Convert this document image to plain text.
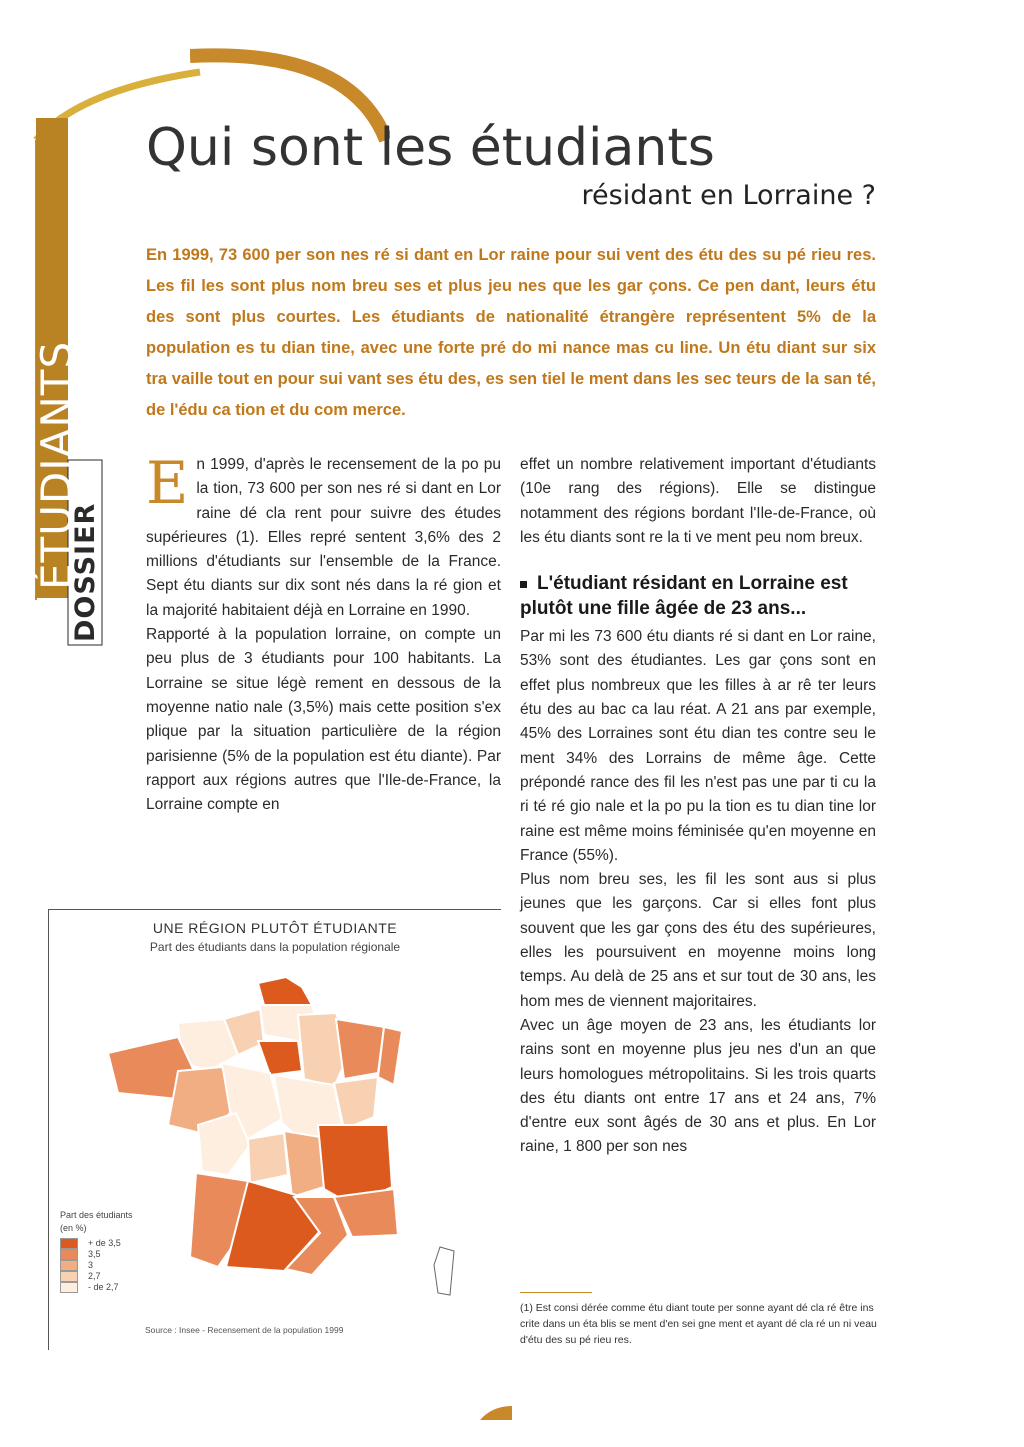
ÉTUDIANTS
DOSSIER
Qui sont les étudiants
résidant en Lorraine ?
En 1999, 73 600 per son nes ré si dant en Lor raine pour sui vent des étu des su pé rieu res. Les fil les sont plus nom breu ses et plus jeu nes que les gar çons. Ce pen dant, leurs étu des sont plus courtes. Les étudiants de nationalité étrangère représentent 5% de la population es tu dian tine, avec une forte pré do mi nance mas cu line. Un étu diant sur six tra vaille tout en pour sui vant ses étu des, es sen tiel le ment dans les sec teurs de la san té, de l'édu ca tion et du com merce.

En 1999, d'après le recensement de la po pu la tion, 73 600 per son nes ré si dant en Lor raine dé cla rent pour suivre des études supérieures (1). Elles repré sentent 3,6% des 2 millions d'étudiants sur l'ensemble de la France. Sept étu diants sur dix sont nés dans la ré gion et la majorité habitaient déjà en Lorraine en 1990.

Rapporté à la population lorraine, on compte un peu plus de 3 étudiants pour 100 habitants. La Lorraine se situe légè rement en dessous de la moyenne natio nale (3,5%) mais cette position s'ex plique par la situation particulière de la région parisienne (5% de la population est étu diante). Par rapport aux régions autres que l'Ile-de-France, la Lorraine compte en

effet un nombre relativement important d'étudiants (10e rang des régions). Elle se distingue notamment des régions bordant l'Ile-de-France, où les étu diants sont re la ti ve ment peu nom breux.

L'étudiant résidant en Lorraine est plutôt une fille âgée de 23 ans...

Par mi les 73 600 étu diants ré si dant en Lor raine, 53% sont des étudiantes. Les gar çons sont en effet plus nombreux que les filles à ar rê ter leurs étu des au bac ca lau réat. A 21 ans par exemple, 45% des Lorraines sont étu dian tes contre seu le ment 34% des Lorrains de même âge. Cette prépondé rance des fil les n'est pas une par ti cu la ri té ré gio nale et la po pu la tion es tu dian tine lor raine est même moins féminisée qu'en moyenne en France (55%).

Plus nom breu ses, les fil les sont aus si plus jeunes que les garçons. Car si elles font plus souvent que les gar çons des étu des supérieures, elles les poursuivent en moyenne moins long temps. Au delà de 25 ans et sur tout de 30 ans, les hom mes de viennent majoritaires.

Avec un âge moyen de 23 ans, les étudiants lor rains sont en moyenne plus jeu nes d'un an que leurs homologues métropolitains. Si les trois quarts des étu diants ont entre 17 ans et 24 ans, 7% d'entre eux sont âgés de 30 ans et plus. En Lor raine, 1 800 per son nes

UNE RÉGION PLUTÔT ÉTUDIANTE
Part des étudiants dans la population régionale
Part des étudiants
(en %)
+ de 3,5
3,5
3
2,7
- de 2,7
Source : Insee - Recensement de la population 1999
(1) Est consi dérée comme étu diant toute per sonne ayant dé cla ré être ins crite dans un éta blis se ment d'en sei gne ment et ayant dé cla ré un ni veau d'étu des su pé rieu res.
